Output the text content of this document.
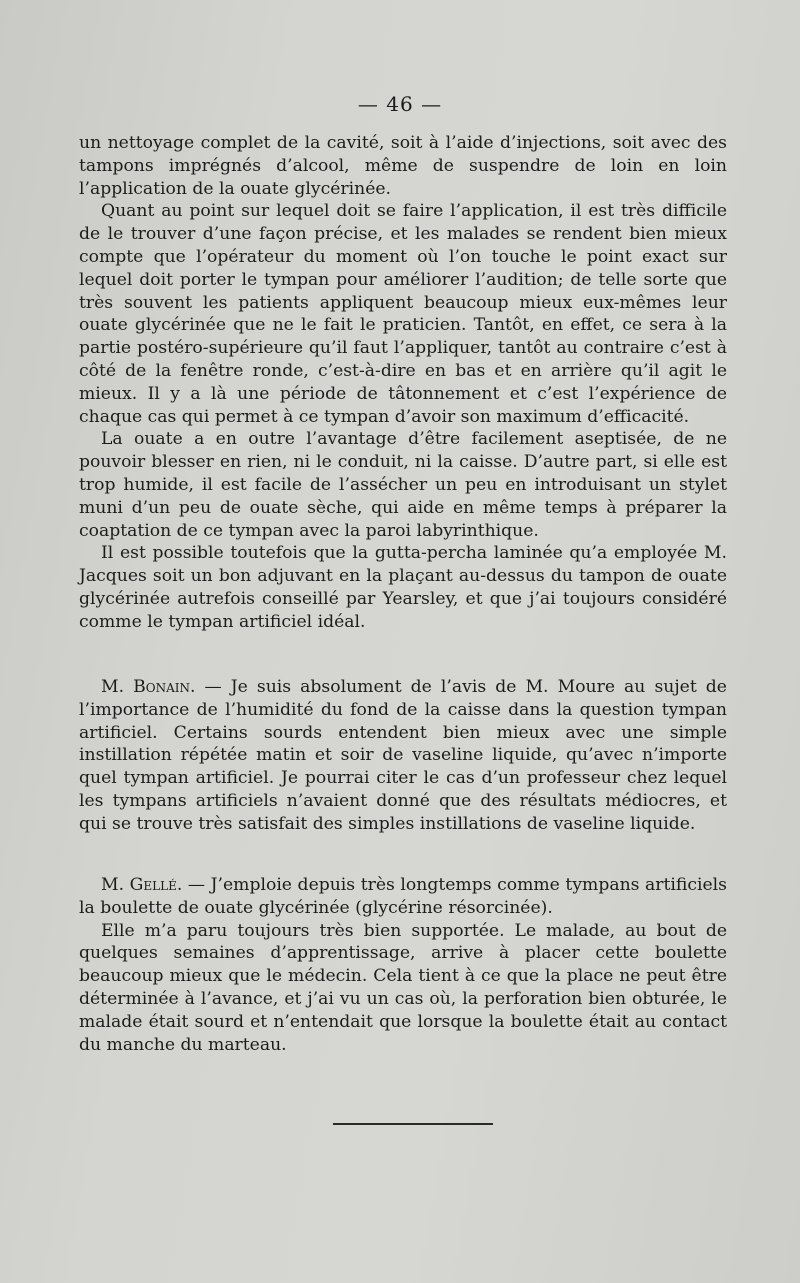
— 46 —

un nettoyage complet de la cavité, soit à l’aide d’injections, soit avec des tampons imprégnés d’alcool, même de suspendre de loin en loin l’application de la ouate glycérinée.

Quant au point sur lequel doit se faire l’application, il est très difficile de le trouver d’une façon précise, et les malades se rendent bien mieux compte que l’opérateur du moment où l’on touche le point exact sur lequel doit porter le tympan pour améliorer l’audition; de telle sorte que très souvent les patients appliquent beaucoup mieux eux-mêmes leur ouate glycérinée que ne le fait le praticien. Tantôt, en effet, ce sera à la partie postéro-supérieure qu’il faut l’appliquer, tantôt au contraire c’est à côté de la fenêtre ronde, c’est-à-dire en bas et en arrière qu’il agit le mieux. Il y a là une période de tâtonnement et c’est l’expérience de chaque cas qui permet à ce tympan d’avoir son maximum d’efficacité.

La ouate a en outre l’avantage d’être facilement aseptisée, de ne pouvoir blesser en rien, ni le conduit, ni la caisse. D’autre part, si elle est trop humide, il est facile de l’assécher un peu en introduisant un stylet muni d’un peu de ouate sèche, qui aide en même temps à préparer la coaptation de ce tympan avec la paroi labyrinthique.

Il est possible toutefois que la gutta-percha laminée qu’a employée M. Jacques soit un bon adjuvant en la plaçant au-dessus du tampon de ouate glycérinée autrefois conseillé par Yearsley, et que j’ai toujours considéré comme le tympan artificiel idéal.

M. Bonain. — Je suis absolument de l’avis de M. Moure au sujet de l’importance de l’humidité du fond de la caisse dans la question tympan artificiel. Certains sourds entendent bien mieux avec une simple instillation répétée matin et soir de vaseline liquide, qu’avec n’importe quel tympan artificiel. Je pourrai citer le cas d’un professeur chez lequel les tympans artificiels n’avaient donné que des résultats médiocres, et qui se trouve très satisfait des simples instillations de vaseline liquide.

M. Gellé. — J’emploie depuis très longtemps comme tympans artificiels la boulette de ouate glycérinée (glycérine résorcinée).

Elle m’a paru toujours très bien supportée. Le malade, au bout de quelques semaines d’apprentissage, arrive à placer cette boulette beaucoup mieux que le médecin. Cela tient à ce que la place ne peut être déterminée à l’avance, et j’ai vu un cas où, la perforation bien obturée, le malade était sourd et n’entendait que lorsque la boulette était au contact du manche du marteau.
